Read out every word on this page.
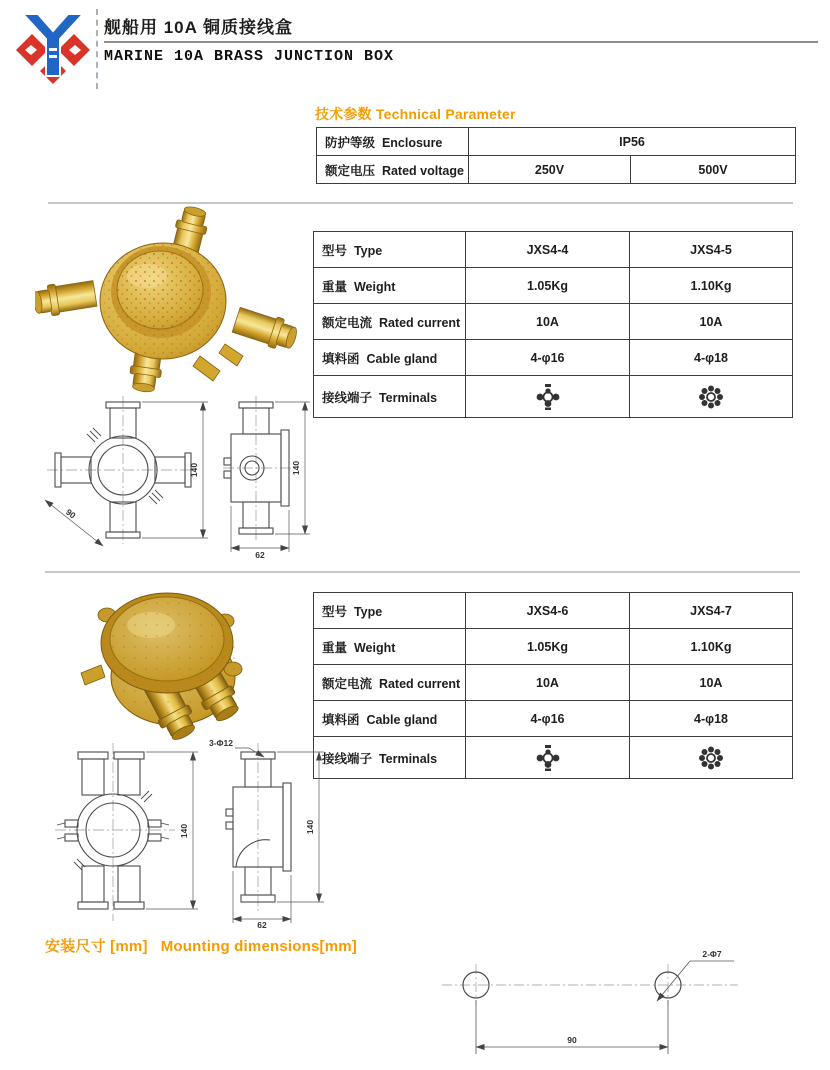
舰船用 10A 铜质接线盒
MARINE 10A BRASS JUNCTION BOX
技术参数 Technical Parameter
防护等级  Enclosure	IP56	
额定电压  Rated voltage	250V	500V
型号  Type	JXS4-4	JXS4-5
重量  Weight	1.05Kg	1.10Kg
额定电流  Rated current	10A	10A
填料函  Cable gland	4-φ16	4-φ18
接线端子  Terminals		
140
90
140
62
型号  Type	JXS4-6	JXS4-7
重量  Weight	1.05Kg	1.10Kg
额定电流  Rated current	10A	10A
填料函  Cable gland	4-φ16	4-φ18
接线端子  Terminals		
3-Φ12
140	140
62
安装尺寸 [mm]   Mounting dimensions[mm]	2-Φ7
90
